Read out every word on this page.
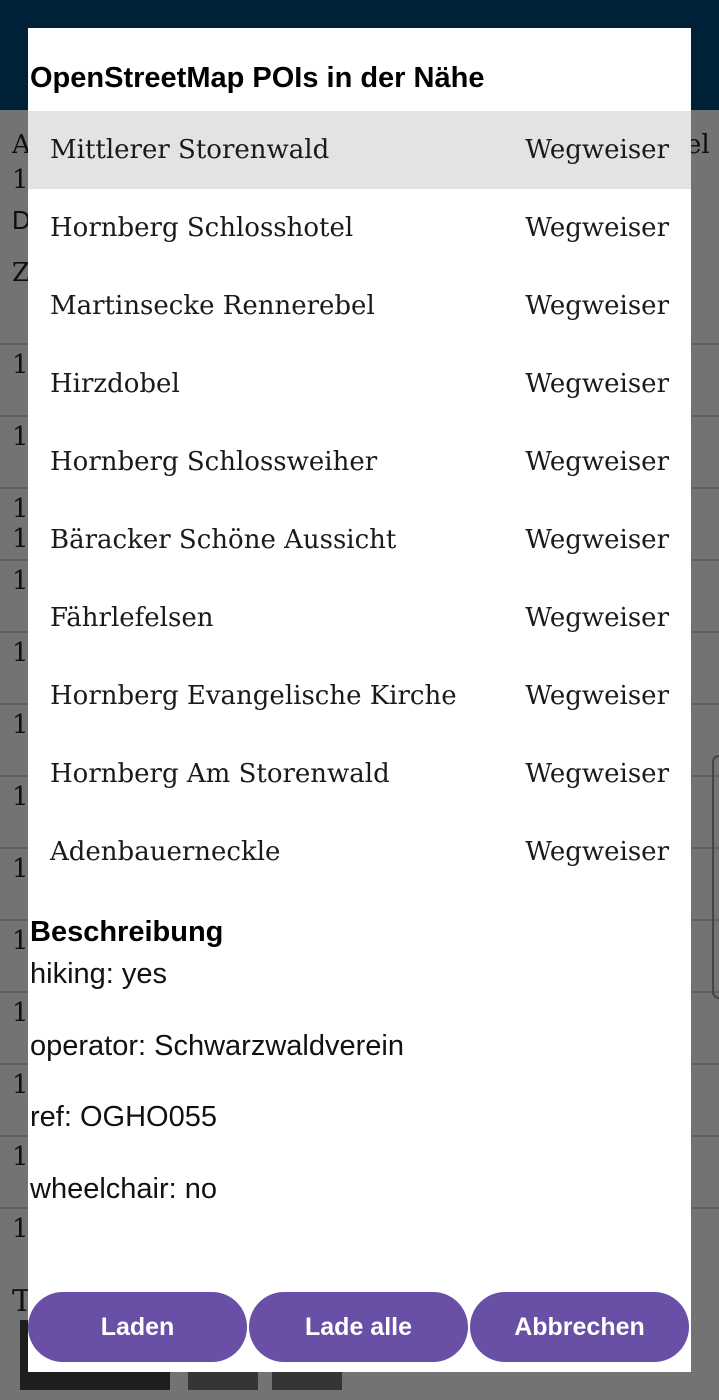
OpenStreetMap POIs in der Nähe
Mittlerer Storenwald	Wegweiser
Hornberg Schlosshotel	Wegweiser
Martinsecke Rennerebel	Wegweiser
Hirzdobel	Wegweiser
Hornberg Schlossweiher	Wegweiser
Bäracker Schöne Aussicht	Wegweiser
Fährlefelsen	Wegweiser
Hornberg Evangelische Kirche	Wegweiser
Hornberg Am Storenwald	Wegweiser
Adenbauerneckle	Wegweiser
Beschreibung
hiking: yes
operator: Schwarzwaldverein
ref: OGHO055
wheelchair: no
Laden	Lade alle	Abbrechen
